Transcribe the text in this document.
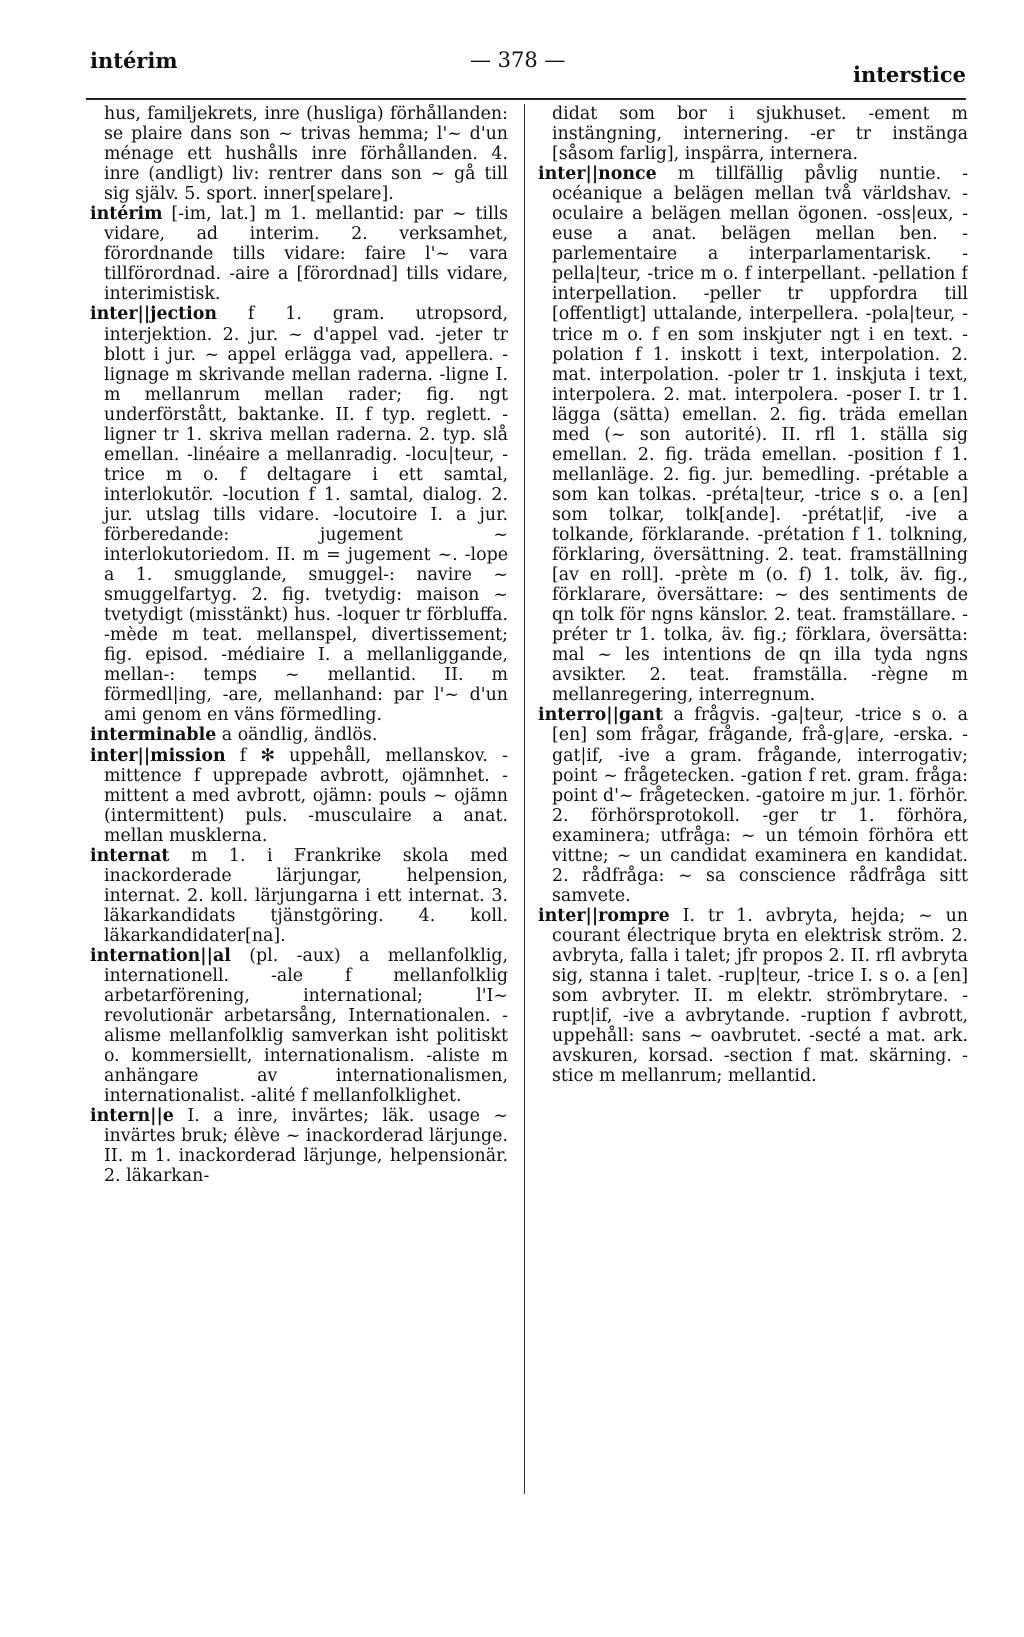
intérim	— 378 —
interstice

hus, familjekrets, inre (husliga) förhållanden: se plaire dans son ~ trivas hemma; l'~ d'un ménage ett hushålls inre förhållanden. 4. inre (andligt) liv: rentrer dans son ~ gå till sig själv. 5. sport. inner[spelare].

intérim [-im, lat.] m 1. mellantid: par ~ tills vidare, ad interim. 2. verksamhet, förordnande tills vidare: faire l'~ vara tillförordnad. -aire a [förordnad] tills vidare, interimistisk.

inter||jection f 1. gram. utropsord, interjektion. 2. jur. ~ d'appel vad. -jeter tr blott i jur. ~ appel erlägga vad, appellera. -lignage m skrivande mellan raderna. -ligne I. m mellanrum mellan rader; fig. ngt underförstått, baktanke. II. f typ. reglett. -ligner tr 1. skriva mellan raderna. 2. typ. slå emellan. -linéaire a mellanradig. -locu|teur, -trice m o. f deltagare i ett samtal, interlokutör. -locution f 1. samtal, dialog. 2. jur. utslag tills vidare. -locutoire I. a jur. förberedande: jugement ~ interlokutoriedom. II. m = jugement ~. -lope a 1. smugglande, smuggel-: navire ~ smuggelfartyg. 2. fig. tvetydig: maison ~ tvetydigt (misstänkt) hus. -loquer tr förbluffa. -mède m teat. mellanspel, divertissement; fig. episod. -médiaire I. a mellanliggande, mellan-: temps ~ mellantid. II. m förmedl|ing, -are, mellanhand: par l'~ d'un ami genom en väns förmedling.

interminable a oändlig, ändlös.

inter||mission f ✻ uppehåll, mellanskov. -mittence f upprepade avbrott, ojämnhet. -mittent a med avbrott, ojämn: pouls ~ ojämn (intermittent) puls. -musculaire a anat. mellan musklerna.

internat m 1. i Frankrike skola med inackorderade lärjungar, helpension, internat. 2. koll. lärjungarna i ett internat. 3. läkarkandidats tjänstgöring. 4. koll. läkarkandidater[na].

internation||al (pl. -aux) a mellanfolklig, internationell. -ale f mellanfolklig arbetarförening, international; l'I~ revolutionär arbetarsång, Internationalen. -alisme mellanfolklig samverkan isht politiskt o. kommersiellt, internationalism. -aliste m anhängare av internationalismen, internationalist. -alité f mellanfolklighet.

intern||e I. a inre, invärtes; läk. usage ~ invärtes bruk; élève ~ inackorderad lärjunge. II. m 1. inackorderad lärjunge, helpensionär. 2. läkarkan-

didat som bor i sjukhuset. -ement m instängning, internering. -er tr instänga [såsom farlig], inspärra, internera.

inter||nonce m tillfällig påvlig nuntie. -océanique a belägen mellan två världshav. -oculaire a belägen mellan ögonen. -oss|eux, -euse a anat. belägen mellan ben. -parlementaire a interparlamentarisk. -pella|teur, -trice m o. f interpellant. -pellation f interpellation. -peller tr uppfordra till [offentligt] uttalande, interpellera. -pola|teur, -trice m o. f en som inskjuter ngt i en text. -polation f 1. inskott i text, interpolation. 2. mat. interpolation. -poler tr 1. inskjuta i text, interpolera. 2. mat. interpolera. -poser I. tr 1. lägga (sätta) emellan. 2. fig. träda emellan med (~ son autorité). II. rfl 1. ställa sig emellan. 2. fig. träda emellan. -position f 1. mellanläge. 2. fig. jur. bemedling. -prétable a som kan tolkas. -préta|teur, -trice s o. a [en] som tolkar, tolk[ande]. -prétat|if, -ive a tolkande, förklarande. -prétation f 1. tolkning, förklaring, översättning. 2. teat. framställning [av en roll]. -prète m (o. f) 1. tolk, äv. fig., förklarare, översättare: ~ des sentiments de qn tolk för ngns känslor. 2. teat. framställare. -préter tr 1. tolka, äv. fig.; förklara, översätta: mal ~ les intentions de qn illa tyda ngns avsikter. 2. teat. framställa. -règne m mellanregering, interregnum.

interro||gant a frågvis. -ga|teur, -trice s o. a [en] som frågar, frågande, frå-g|are, -erska. -gat|if, -ive a gram. frågande, interrogativ; point ~ frågetecken. -gation f ret. gram. fråga: point d'~ frågetecken. -gatoire m jur. 1. förhör. 2. förhörsprotokoll. -ger tr 1. förhöra, examinera; utfråga: ~ un témoin förhöra ett vittne; ~ un candidat examinera en kandidat. 2. rådfråga: ~ sa conscience rådfråga sitt samvete.

inter||rompre I. tr 1. avbryta, hejda; ~ un courant électrique bryta en elektrisk ström. 2. avbryta, falla i talet; jfr propos 2. II. rfl avbryta sig, stanna i talet. -rup|teur, -trice I. s o. a [en] som avbryter. II. m elektr. strömbrytare. -rupt|if, -ive a avbrytande. -ruption f avbrott, uppehåll: sans ~ oavbrutet. -secté a mat. ark. avskuren, korsad. -section f mat. skärning. -stice m mellanrum; mellantid.
